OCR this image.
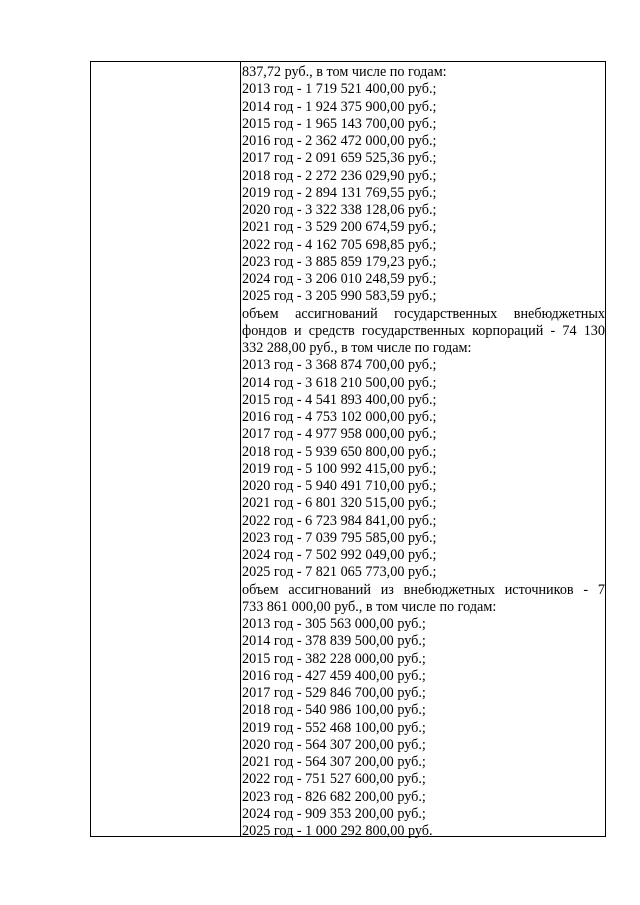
837,72 руб., в том числе по годам:
2013 год - 1 719 521 400,00 руб.;
2014 год - 1 924 375 900,00 руб.;
2015 год - 1 965 143 700,00 руб.;
2016 год - 2 362 472 000,00 руб.;
2017 год - 2 091 659 525,36 руб.;
2018 год - 2 272 236 029,90 руб.;
2019 год - 2 894 131 769,55 руб.;
2020 год - 3 322 338 128,06 руб.;
2021 год - 3 529 200 674,59 руб.;
2022 год - 4 162 705 698,85 руб.;
2023 год - 3 885 859 179,23 руб.;
2024 год - 3 206 010 248,59 руб.;
2025 год - 3 205 990 583,59 руб.;
объем ассигнований государственных внебюджетных
фондов и средств государственных корпораций - 74 130
332 288,00 руб., в том числе по годам:
2013 год - 3 368 874 700,00 руб.;
2014 год - 3 618 210 500,00 руб.;
2015 год - 4 541 893 400,00 руб.;
2016 год - 4 753 102 000,00 руб.;
2017 год - 4 977 958 000,00 руб.;
2018 год - 5 939 650 800,00 руб.;
2019 год - 5 100 992 415,00 руб.;
2020 год - 5 940 491 710,00 руб.;
2021 год - 6 801 320 515,00 руб.;
2022 год - 6 723 984 841,00 руб.;
2023 год - 7 039 795 585,00 руб.;
2024 год - 7 502 992 049,00 руб.;
2025 год - 7 821 065 773,00 руб.;
объем ассигнований из внебюджетных источников - 7
733 861 000,00 руб., в том числе по годам:
2013 год - 305 563 000,00 руб.;
2014 год - 378 839 500,00 руб.;
2015 год - 382 228 000,00 руб.;
2016 год - 427 459 400,00 руб.;
2017 год - 529 846 700,00 руб.;
2018 год - 540 986 100,00 руб.;
2019 год - 552 468 100,00 руб.;
2020 год - 564 307 200,00 руб.;
2021 год - 564 307 200,00 руб.;
2022 год - 751 527 600,00 руб.;
2023 год - 826 682 200,00 руб.;
2024 год - 909 353 200,00 руб.;
2025 год - 1 000 292 800,00 руб.
